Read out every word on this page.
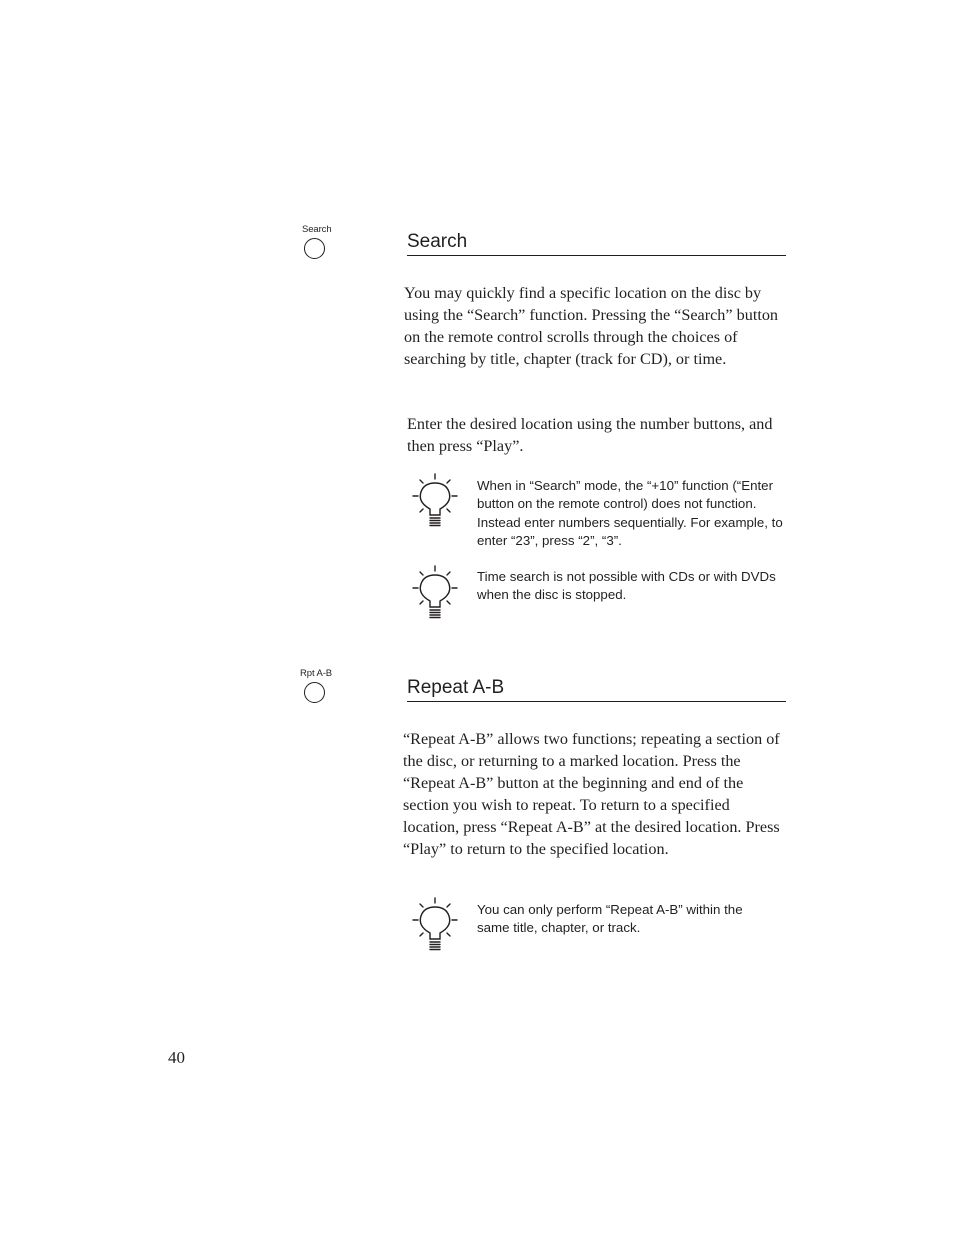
Search
Search

You may quickly find a specific location on the disc by using the “Search” function. Pressing the “Search” button on the remote control scrolls through the choices of searching by title, chapter (track for CD), or time.

Enter the desired location using the number buttons, and then press “Play”.

When in “Search” mode, the “+10” function (“Enter button on the remote control) does not function. Instead enter numbers sequentially. For example, to enter “23”, press “2”, “3”.

Time search is not possible with CDs or with DVDs when the disc is stopped.

Rpt A-B
Repeat A-B

“Repeat A-B” allows two functions; repeating a section of the disc, or returning to a marked location. Press the “Repeat A-B” button at the beginning and end of the section you wish to repeat. To return to a specified location, press “Repeat A-B” at the desired location. Press “Play” to return to the specified location.

You can only perform “Repeat A-B” within the same title, chapter, or track.

40
